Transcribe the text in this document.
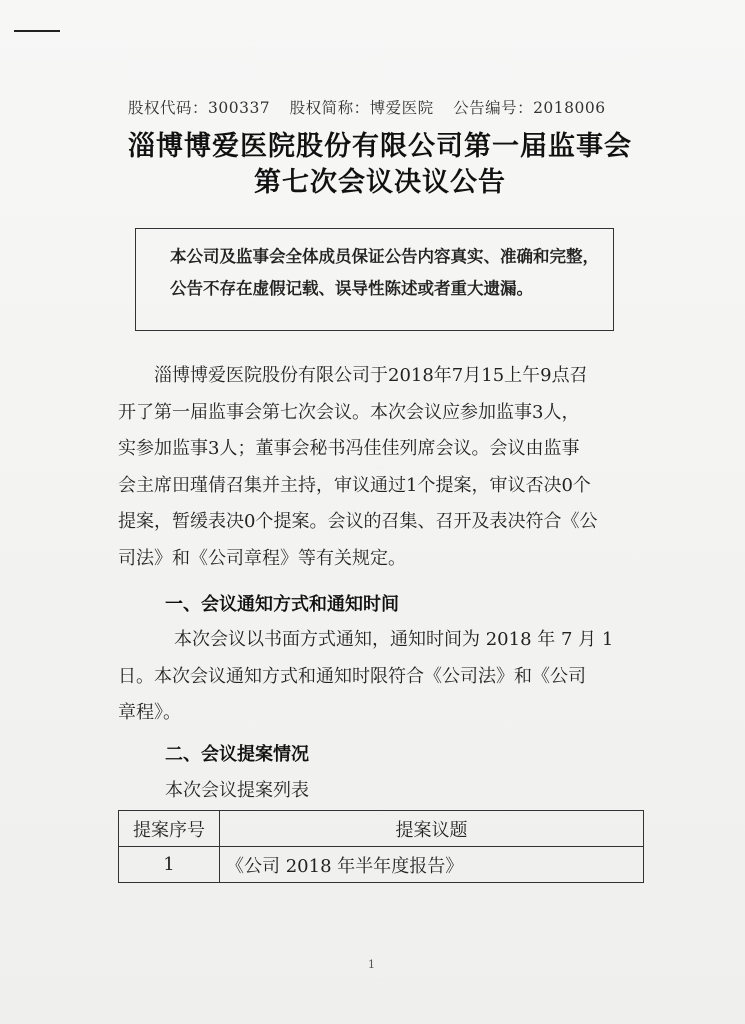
股权代码：300337 股权简称：博爱医院 公告编号：2018006
淄博博爱医院股份有限公司第一届监事会
第七次会议决议公告
本公司及监事会全体成员保证公告内容真实、准确和完整，
公告不存在虚假记载、误导性陈述或者重大遗漏。
淄博博爱医院股份有限公司于2018年7月15上午9点召
开了第一届监事会第七次会议。本次会议应参加监事3人，
实参加监事3人；董事会秘书冯佳佳列席会议。会议由监事
会主席田瑾倩召集并主持，审议通过1个提案，审议否决0个
提案，暂缓表决0个提案。会议的召集、召开及表决符合《公
司法》和《公司章程》等有关规定。
一、会议通知方式和通知时间
本次会议以书面方式通知，通知时间为 2018 年 7 月 1
日。本次会议通知方式和通知时限符合《公司法》和《公司
章程》。
二、会议提案情况
本次会议提案列表
提案序号	提案议题
1	《公司 2018 年半年度报告》
1
